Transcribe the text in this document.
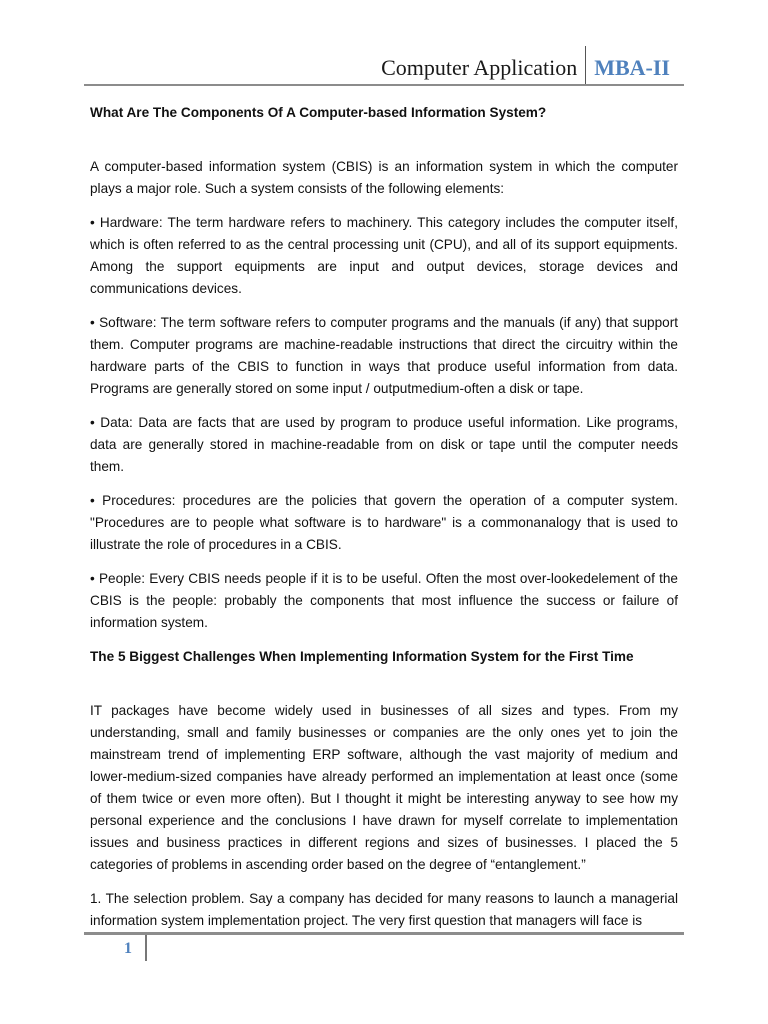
Computer Application MBA-II

What Are The Components Of A Computer-based Information System?

A computer-based information system (CBIS) is an information system in which the computer plays a major role. Such a system consists of the following elements:

• Hardware: The term hardware refers to machinery. This category includes the computer itself, which is often referred to as the central processing unit (CPU), and all of its support equipments. Among the support equipments are input and output devices, storage devices and communications devices.

• Software: The term software refers to computer programs and the manuals (if any) that support them. Computer programs are machine-readable instructions that direct the circuitry within the hardware parts of the CBIS to function in ways that produce useful information from data. Programs are generally stored on some input / outputmedium-often a disk or tape.

• Data: Data are facts that are used by program to produce useful information. Like programs, data are generally stored in machine-readable from on disk or tape until the computer needs them.

• Procedures: procedures are the policies that govern the operation of a computer system. "Procedures are to people what software is to hardware" is a commonanalogy that is used to illustrate the role of procedures in a CBIS.

• People: Every CBIS needs people if it is to be useful. Often the most over-lookedelement of the CBIS is the people: probably the components that most influence the success or failure of information system.

The 5 Biggest Challenges When Implementing Information System for the First Time

IT packages have become widely used in businesses of all sizes and types. From my understanding, small and family businesses or companies are the only ones yet to join the mainstream trend of implementing ERP software, although the vast majority of medium and lower-medium-sized companies have already performed an implementation at least once (some of them twice or even more often). But I thought it might be interesting anyway to see how my personal experience and the conclusions I have drawn for myself correlate to implementation issues and business practices in different regions and sizes of businesses. I placed the 5 categories of problems in ascending order based on the degree of “entanglement.”

1. The selection problem. Say a company has decided for many reasons to launch a managerial information system implementation project. The very first question that managers will face is

1
